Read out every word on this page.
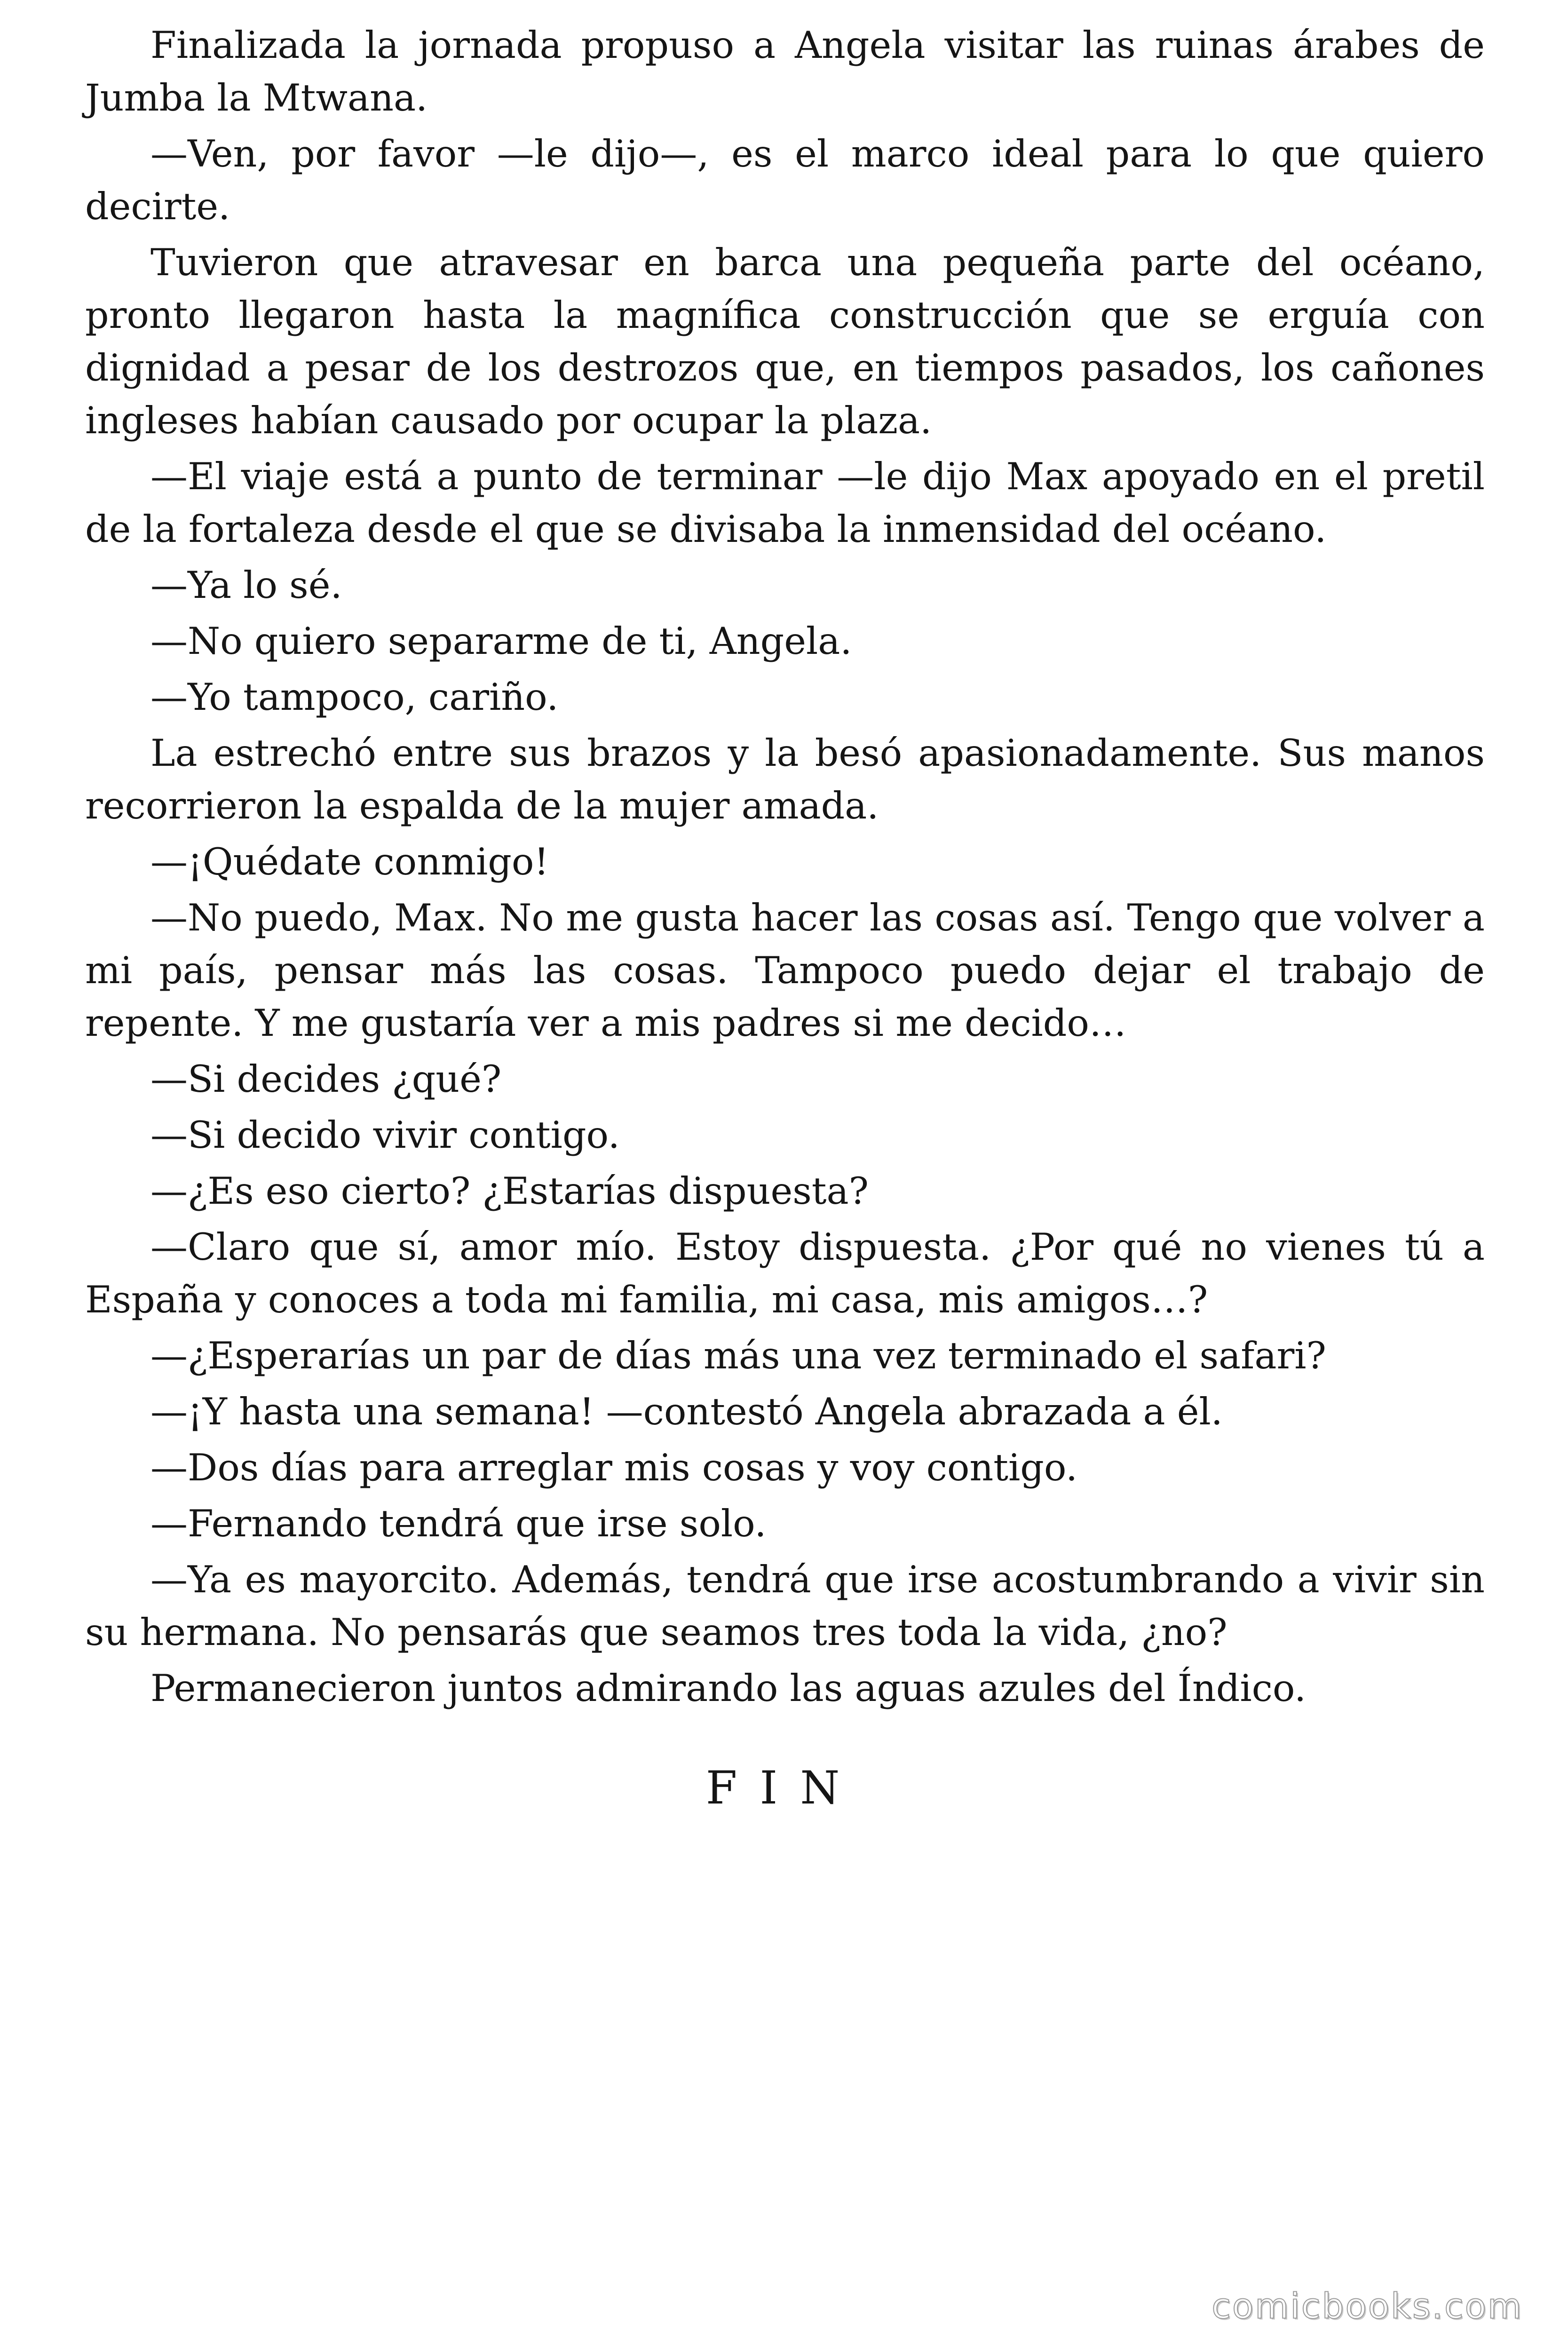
Finalizada la jornada propuso a Angela visitar las ruinas árabes de Jumba la Mtwana.

—Ven, por favor —le dijo—, es el marco ideal para lo que quiero decirte.

Tuvieron que atravesar en barca una pequeña parte del océano, pronto llegaron hasta la magnífica construcción que se erguía con dignidad a pesar de los destrozos que, en tiempos pasados, los cañones ingleses habían causado por ocupar la plaza.

—El viaje está a punto de terminar —le dijo Max apoyado en el pretil de la fortaleza desde el que se divisaba la inmensidad del océano.

—Ya lo sé.

—No quiero separarme de ti, Angela.

—Yo tampoco, cariño.

La estrechó entre sus brazos y la besó apasionadamente. Sus manos recorrieron la espalda de la mujer amada.

—¡Quédate conmigo!

—No puedo, Max. No me gusta hacer las cosas así. Tengo que volver a mi país, pensar más las cosas. Tampoco puedo dejar el trabajo de repente. Y me gustaría ver a mis padres si me decido…

—Si decides ¿qué?

—Si decido vivir contigo.

—¿Es eso cierto? ¿Estarías dispuesta?

—Claro que sí, amor mío. Estoy dispuesta. ¿Por qué no vienes tú a España y conoces a toda mi familia, mi casa, mis amigos…?

—¿Esperarías un par de días más una vez terminado el safari?

—¡Y hasta una semana! —contestó Angela abrazada a él.

—Dos días para arreglar mis cosas y voy contigo.

—Fernando tendrá que irse solo.

—Ya es mayorcito. Además, tendrá que irse acostumbrando a vivir sin su hermana. No pensarás que seamos tres toda la vida, ¿no?

Permanecieron juntos admirando las aguas azules del Índico.

FIN
comicbooks.com
